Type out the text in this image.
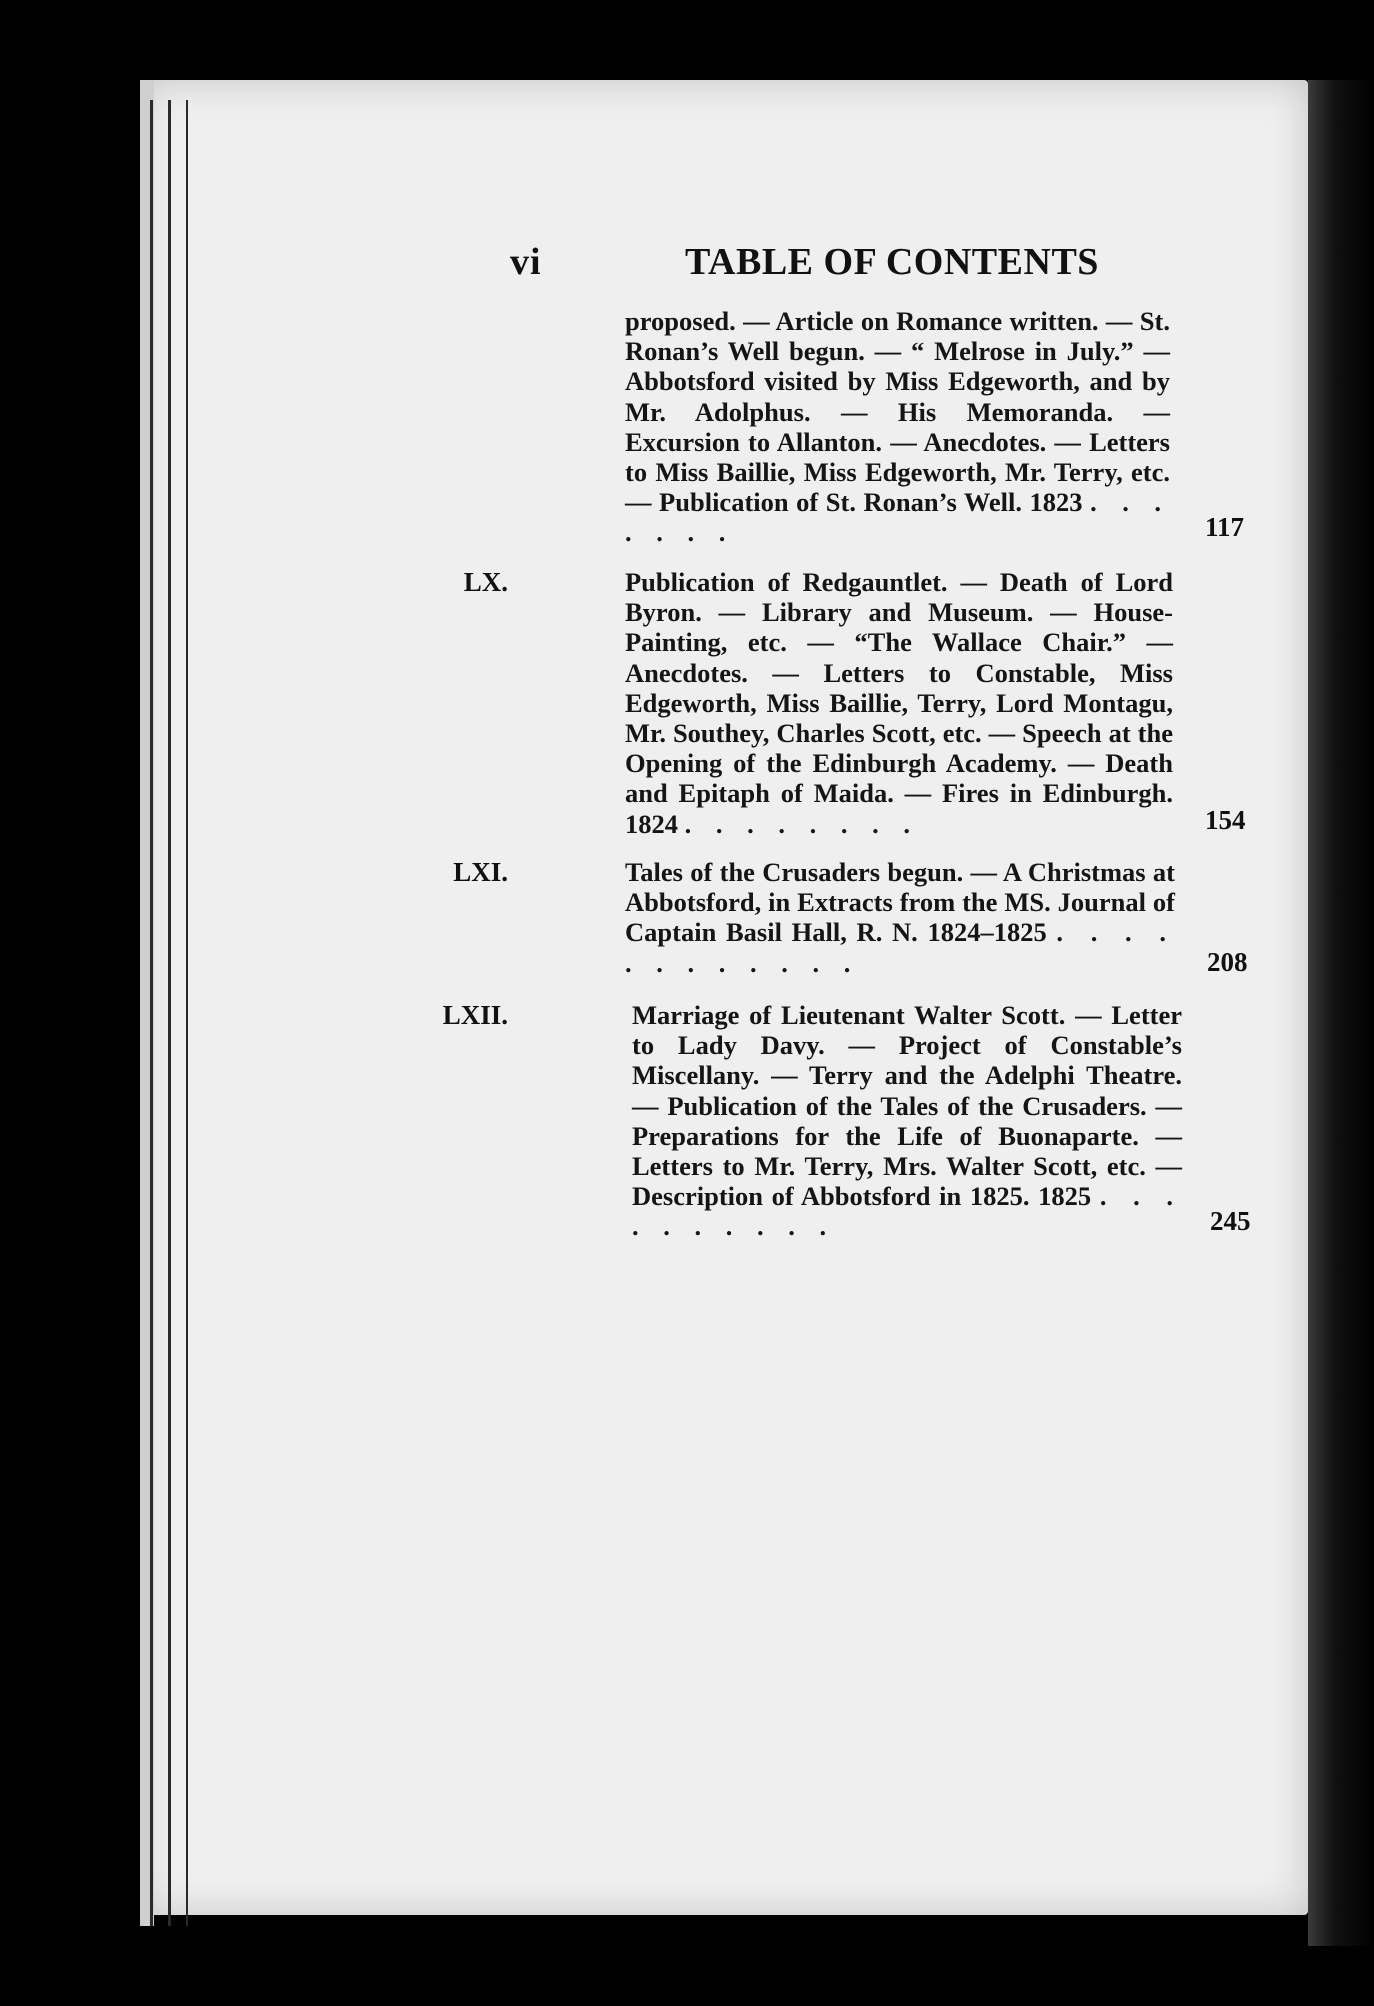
vi	TABLE OF CONTENTS
proposed. — Article on Romance written. — St. Ronan’s Well begun. — “ Melrose in July.” — Abbotsford visited by Miss Edgeworth, and by Mr. Adolphus. — His Memoranda. — Excursion to Allanton. — Anecdotes. — Letters to Miss Baillie, Miss Edgeworth, Mr. Terry, etc.— Publication of St. Ronan’s Well. 1823 . . . . . . .	117
LX.	Publication of Redgauntlet. — Death of Lord Byron. — Library and Museum. — House-Painting, etc. — “The Wallace Chair.” — Anecdotes. — Letters to Constable, Miss Edgeworth, Miss Baillie, Terry, Lord Montagu, Mr. Southey, Charles Scott, etc. — Speech at the Opening of the Edinburgh Academy. — Death and Epitaph of Maida. — Fires in Edinburgh. 1824 . . . . . . . .	154
LXI.	Tales of the Crusaders begun. — A Christmas at Abbotsford, in Extracts from the MS. Journal of Captain Basil Hall, R. N. 1824–1825 . . . . . . . . . . . .	208
LXII.	Marriage of Lieutenant Walter Scott. — Letter to Lady Davy. — Project of Constable’s Miscellany. — Terry and the Adelphi Theatre. — Publication of the Tales of the Crusaders. — Preparations for the Life of Buonaparte. — Letters to Mr. Terry, Mrs. Walter Scott, etc. — Description of Abbotsford in 1825. 1825 . . . . . . . . . .	245
